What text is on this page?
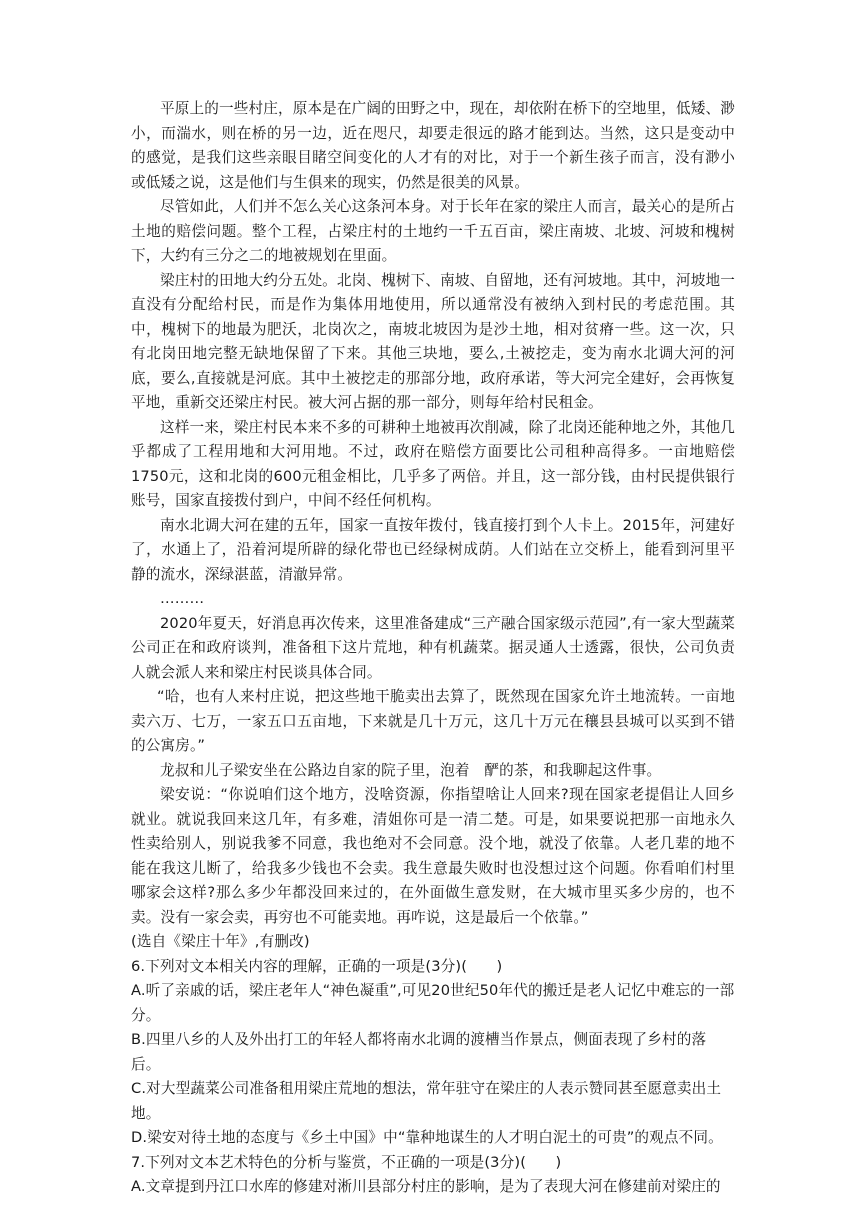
平原上的一些村庄，原本是在广阔的田野之中，现在，却依附在桥下的空地里，低矮、渺小，而湍水，则在桥的另一边，近在咫尺，却要走很远的路才能到达。当然，这只是变动中的感觉，是我们这些亲眼目睹空间变化的人才有的对比，对于一个新生孩子而言，没有渺小或低矮之说，这是他们与生俱来的现实，仍然是很美的风景。

尽管如此，人们并不怎么关心这条河本身。对于长年在家的梁庄人而言，最关心的是所占土地的赔偿问题。整个工程，占梁庄村的土地约一千五百亩，梁庄南坡、北坡、河坡和槐树下，大约有三分之二的地被规划在里面。

梁庄村的田地大约分五处。北岗、槐树下、南坡、自留地，还有河坡地。其中，河坡地一直没有分配给村民，而是作为集体用地使用，所以通常没有被纳入到村民的考虑范围。其中，槐树下的地最为肥沃，北岗次之，南坡北坡因为是沙土地，相对贫瘠一些。这一次，只有北岗田地完整无缺地保留了下来。其他三块地，要么,土被挖走，变为南水北调大河的河底，要么,直接就是河底。其中土被挖走的那部分地，政府承诺，等大河完全建好，会再恢复平地，重新交还梁庄村民。被大河占据的那一部分，则每年给村民租金。

这样一来，梁庄村民本来不多的可耕种土地被再次削减，除了北岗还能种地之外，其他几乎都成了工程用地和大河用地。不过，政府在赔偿方面要比公司租种高得多。一亩地赔偿1750元，这和北岗的600元租金相比，几乎多了两倍。并且，这一部分钱，由村民提供银行账号，国家直接拨付到户，中间不经任何机构。

南水北调大河在建的五年，国家一直按年拨付，钱直接打到个人卡上。2015年，河建好了，水通上了，沿着河堤所辟的绿化带也已经绿树成荫。人们站在立交桥上，能看到河里平静的流水，深绿湛蓝，清澈异常。

………

2020年夏天，好消息再次传来，这里准备建成“三产融合国家级示范园”,有一家大型蔬菜公司正在和政府谈判，准备租下这片荒地，种有机蔬菜。据灵通人士透露，很快，公司负责人就会派人来和梁庄村民谈具体合同。

“哈，也有人来村庄说，把这些地干脆卖出去算了，既然现在国家允许土地流转。一亩地卖六万、七万，一家五口五亩地，下来就是几十万元，这几十万元在穰县县城可以买到不错的公寓房。”

龙叔和儿子梁安坐在公路边自家的院子里，泡着　酽的茶，和我聊起这件事。

梁安说：“你说咱们这个地方，没啥资源，你指望啥让人回来?现在国家老提倡让人回乡就业。就说我回来这几年，有多难，清姐你可是一清二楚。可是，如果要说把那一亩地永久性卖给别人，别说我爹不同意，我也绝对不会同意。没个地，就没了依靠。人老几辈的地不能在我这儿断了，给我多少钱也不会卖。我生意最失败时也没想过这个问题。你看咱们村里哪家会这样?那么多少年都没回来过的，在外面做生意发财，在大城市里买多少房的，也不卖。没有一家会卖，再穷也不可能卖地。再咋说，这是最后一个依靠。”

(选自《梁庄十年》,有删改)

6.下列对文本相关内容的理解，正确的一项是(3分)(　　)

A.听了亲戚的话，梁庄老年人“神色凝重”,可见20世纪50年代的搬迁是老人记忆中难忘的一部分。

B.四里八乡的人及外出打工的年轻人都将南水北调的渡槽当作景点，侧面表现了乡村的落后。

C.对大型蔬菜公司准备租用梁庄荒地的想法，常年驻守在梁庄的人表示赞同甚至愿意卖出土地。

D.梁安对待土地的态度与《乡土中国》中“靠种地谋生的人才明白泥土的可贵”的观点不同。

7.下列对文本艺术特色的分析与鉴赏，不正确的一项是(3分)(　　)

A.文章提到丹江口水库的修建对淅川县部分村庄的影响，是为了表现大河在修建前对梁庄的
